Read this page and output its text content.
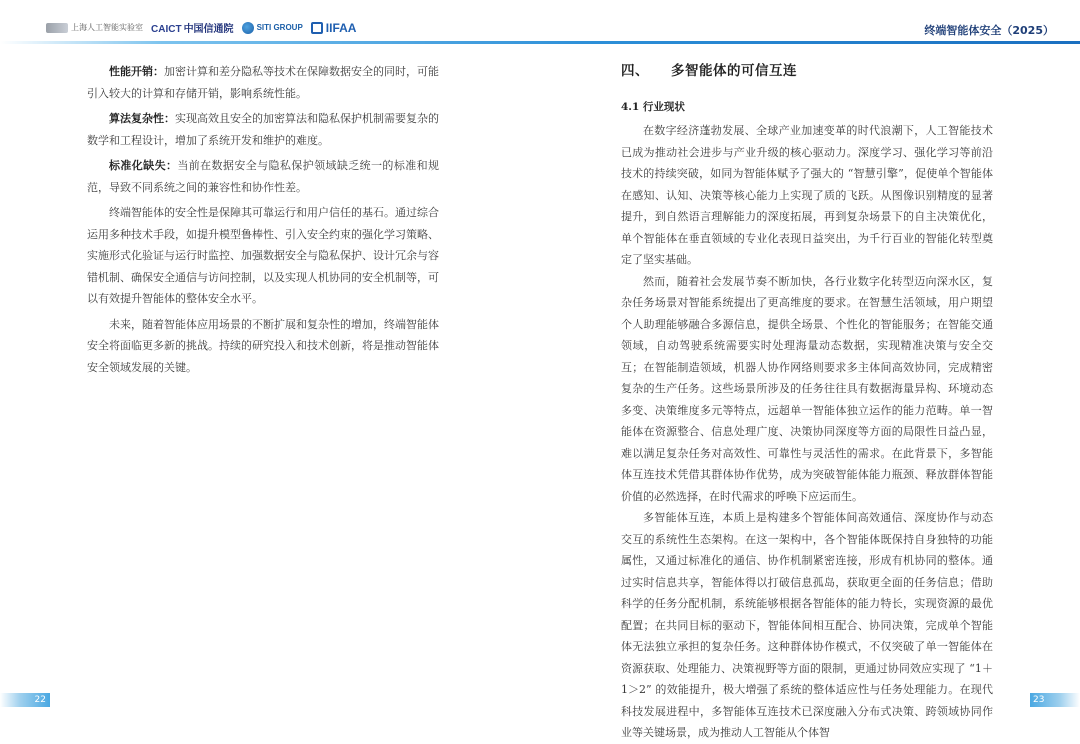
上海人工智能实验室 CAICT 中国信通院	SITI GROUP IIFAA	终端智能体安全（2025）

性能开销：加密计算和差分隐私等技术在保障数据安全的同时，可能引入较大的计算和存储开销，影响系统性能。

算法复杂性：实现高效且安全的加密算法和隐私保护机制需要复杂的数学和工程设计，增加了系统开发和维护的难度。

标准化缺失：当前在数据安全与隐私保护领域缺乏统一的标准和规范，导致不同系统之间的兼容性和协作性差。

终端智能体的安全性是保障其可靠运行和用户信任的基石。通过综合运用多种技术手段，如提升模型鲁棒性、引入安全约束的强化学习策略、实施形式化验证与运行时监控、加强数据安全与隐私保护、设计冗余与容错机制、确保安全通信与访问控制，以及实现人机协同的安全机制等，可以有效提升智能体的整体安全水平。

未来，随着智能体应用场景的不断扩展和复杂性的增加，终端智能体安全将面临更多新的挑战。持续的研究投入和技术创新，将是推动智能体安全领域发展的关键。

四、 多智能体的可信互连
4.1 行业现状

在数字经济蓬勃发展、全球产业加速变革的时代浪潮下，人工智能技术已成为推动社会进步与产业升级的核心驱动力。深度学习、强化学习等前沿技术的持续突破，如同为智能体赋予了强大的 “智慧引擎”，促使单个智能体在感知、认知、决策等核心能力上实现了质的飞跃。从图像识别精度的显著提升，到自然语言理解能力的深度拓展，再到复杂场景下的自主决策优化，单个智能体在垂直领域的专业化表现日益突出，为千行百业的智能化转型奠定了坚实基础。

然而，随着社会发展节奏不断加快，各行业数字化转型迈向深水区，复杂任务场景对智能系统提出了更高维度的要求。在智慧生活领域，用户期望个人助理能够融合多源信息，提供全场景、个性化的智能服务；在智能交通领域，自动驾驶系统需要实时处理海量动态数据，实现精准决策与安全交互；在智能制造领域，机器人协作网络则要求多主体间高效协同，完成精密复杂的生产任务。这些场景所涉及的任务往往具有数据海量异构、环境动态多变、决策维度多元等特点，远超单一智能体独立运作的能力范畴。单一智能体在资源整合、信息处理广度、决策协同深度等方面的局限性日益凸显，难以满足复杂任务对高效性、可靠性与灵活性的需求。在此背景下，多智能体互连技术凭借其群体协作优势，成为突破智能体能力瓶颈、释放群体智能价值的必然选择，在时代需求的呼唤下应运而生。

多智能体互连，本质上是构建多个智能体间高效通信、深度协作与动态交互的系统性生态架构。在这一架构中，各个智能体既保持自身独特的功能属性，又通过标准化的通信、协作机制紧密连接，形成有机协同的整体。通过实时信息共享，智能体得以打破信息孤岛，获取更全面的任务信息；借助科学的任务分配机制，系统能够根据各智能体的能力特长，实现资源的最优配置；在共同目标的驱动下，智能体间相互配合、协同决策，完成单个智能体无法独立承担的复杂任务。这种群体协作模式，不仅突破了单一智能体在资源获取、处理能力、决策视野等方面的限制，更通过协同效应实现了 “1＋1＞2” 的效能提升，极大增强了系统的整体适应性与任务处理能力。在现代科技发展进程中，多智能体互连技术已深度融入分布式决策、跨领域协同作业等关键场景，成为推动人工智能从个体智

22	23
